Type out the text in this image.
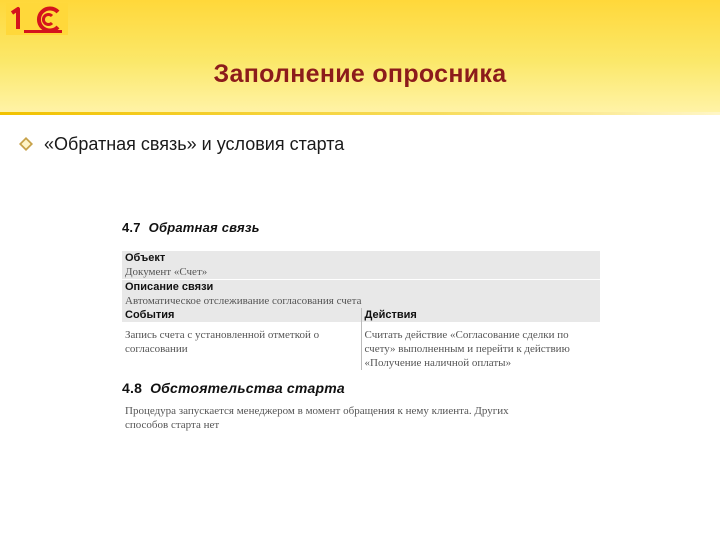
Заполнение опросника
«Обратная связь» и условия старта
4.7 Обратная связь
Объект
Документ «Счет»
Описание связи
Автоматическое отслеживание согласования счета
События
Запись счета с установленной отметкой о согласовании
Действия
Считать действие «Согласование сделки по счету» выполненным и перейти к действию «Получение наличной оплаты»
4.8 Обстоятельства старта
Процедура запускается менеджером в момент обращения к нему клиента. Других способов старта нет
